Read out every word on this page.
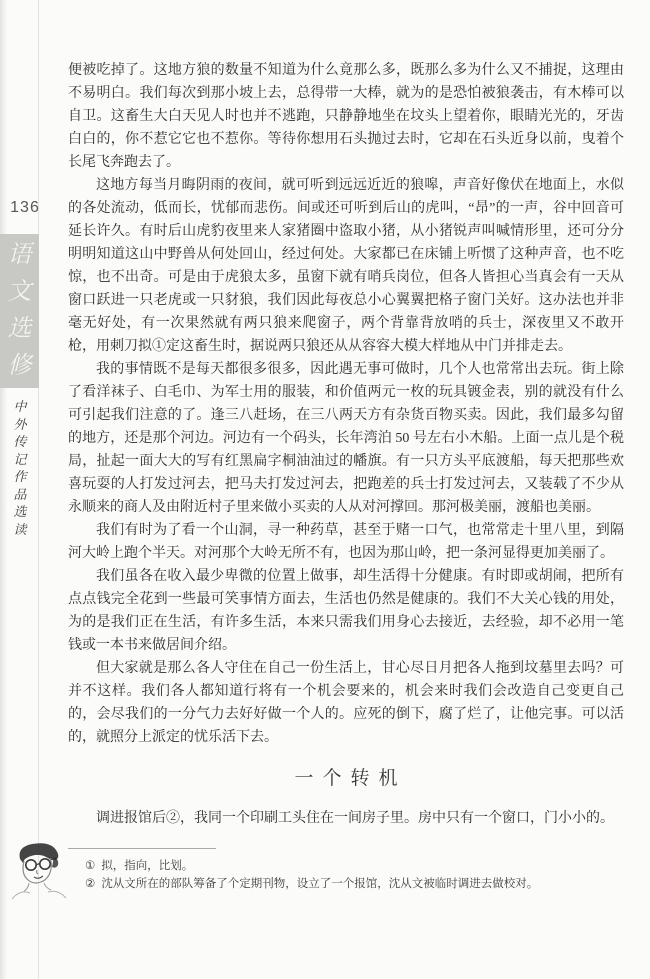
136
语文选修
中外传记作品选读

便被吃掉了。这地方狼的数量不知道为什么竟那么多，既那么多为什么又不捕捉，这理由不易明白。我们每次到那小坡上去，总得带一大棒，就为的是恐怕被狼袭击，有木棒可以自卫。这畜生大白天见人时也并不逃跑，只静静地坐在坟头上望着你，眼睛光光的，牙齿白白的，你不惹它它也不惹你。等待你想用石头抛过去时，它却在石头近身以前，曳着个长尾飞奔跑去了。

这地方每当月晦阴雨的夜间，就可听到远远近近的狼嗥，声音好像伏在地面上，水似的各处流动，低而长，忧郁而悲伤。间或还可听到后山的虎叫，“昂”的一声，谷中回音可延长许久。有时后山虎豹夜里来人家猪圈中盗取小猪，从小猪锐声叫喊情形里，还可分分明明知道这山中野兽从何处回山，经过何处。大家都已在床铺上听惯了这种声音，也不吃惊，也不出奇。可是由于虎狼太多，虽窗下就有哨兵岗位，但各人皆担心当真会有一天从窗口跃进一只老虎或一只豺狼，我们因此每夜总小心翼翼把格子窗门关好。这办法也并非毫无好处，有一次果然就有两只狼来爬窗子，两个背靠背放哨的兵士，深夜里又不敢开枪，用刺刀拟①定这畜生时，据说两只狼还从从容容大模大样地从中门并排走去。

我的事情既不是每天都很多很多，因此遇无事可做时，几个人也常常出去玩。街上除了看洋袜子、白毛巾、为军士用的服装，和价值两元一枚的玩具镀金表，别的就没有什么可引起我们注意的了。逢三八赶场，在三八两天方有杂货百物买卖。因此，我们最多勾留的地方，还是那个河边。河边有一个码头，长年湾泊 50 号左右小木船。上面一点儿是个税局，扯起一面大大的写有红黑扁字桐油油过的幡旗。有一只方头平底渡船，每天把那些欢喜玩耍的人打发过河去，把马夫打发过河去，把跑差的兵士打发过河去，又装载了不少从永顺来的商人及由附近村子里来做小买卖的人从对河撑回。那河极美丽，渡船也美丽。

我们有时为了看一个山洞，寻一种药草，甚至于赌一口气，也常常走十里八里，到隔河大岭上跑个半天。对河那个大岭无所不有，也因为那山岭，把一条河显得更加美丽了。

我们虽各在收入最少卑微的位置上做事，却生活得十分健康。有时即或胡闹，把所有点点钱完全花到一些最可笑事情方面去，生活也仍然是健康的。我们不大关心钱的用处，为的是我们正在生活，有许多生活，本来只需我们用身心去接近，去经验，却不必用一笔钱或一本书来做居间介绍。

但大家就是那么各人守住在自己一份生活上，甘心尽日月把各人拖到坟墓里去吗？可并不这样。我们各人都知道行将有一个机会要来的，机会来时我们会改造自己变更自己的，会尽我们的一分气力去好好做一个人的。应死的倒下，腐了烂了，让他完事。可以活的，就照分上派定的忧乐活下去。

一个转机

调进报馆后②，我同一个印刷工头住在一间房子里。房中只有一个窗口，门小小的。

① 拟，指向，比划。
② 沈从文所在的部队筹备了个定期刊物，设立了一个报馆，沈从文被临时调进去做校对。
